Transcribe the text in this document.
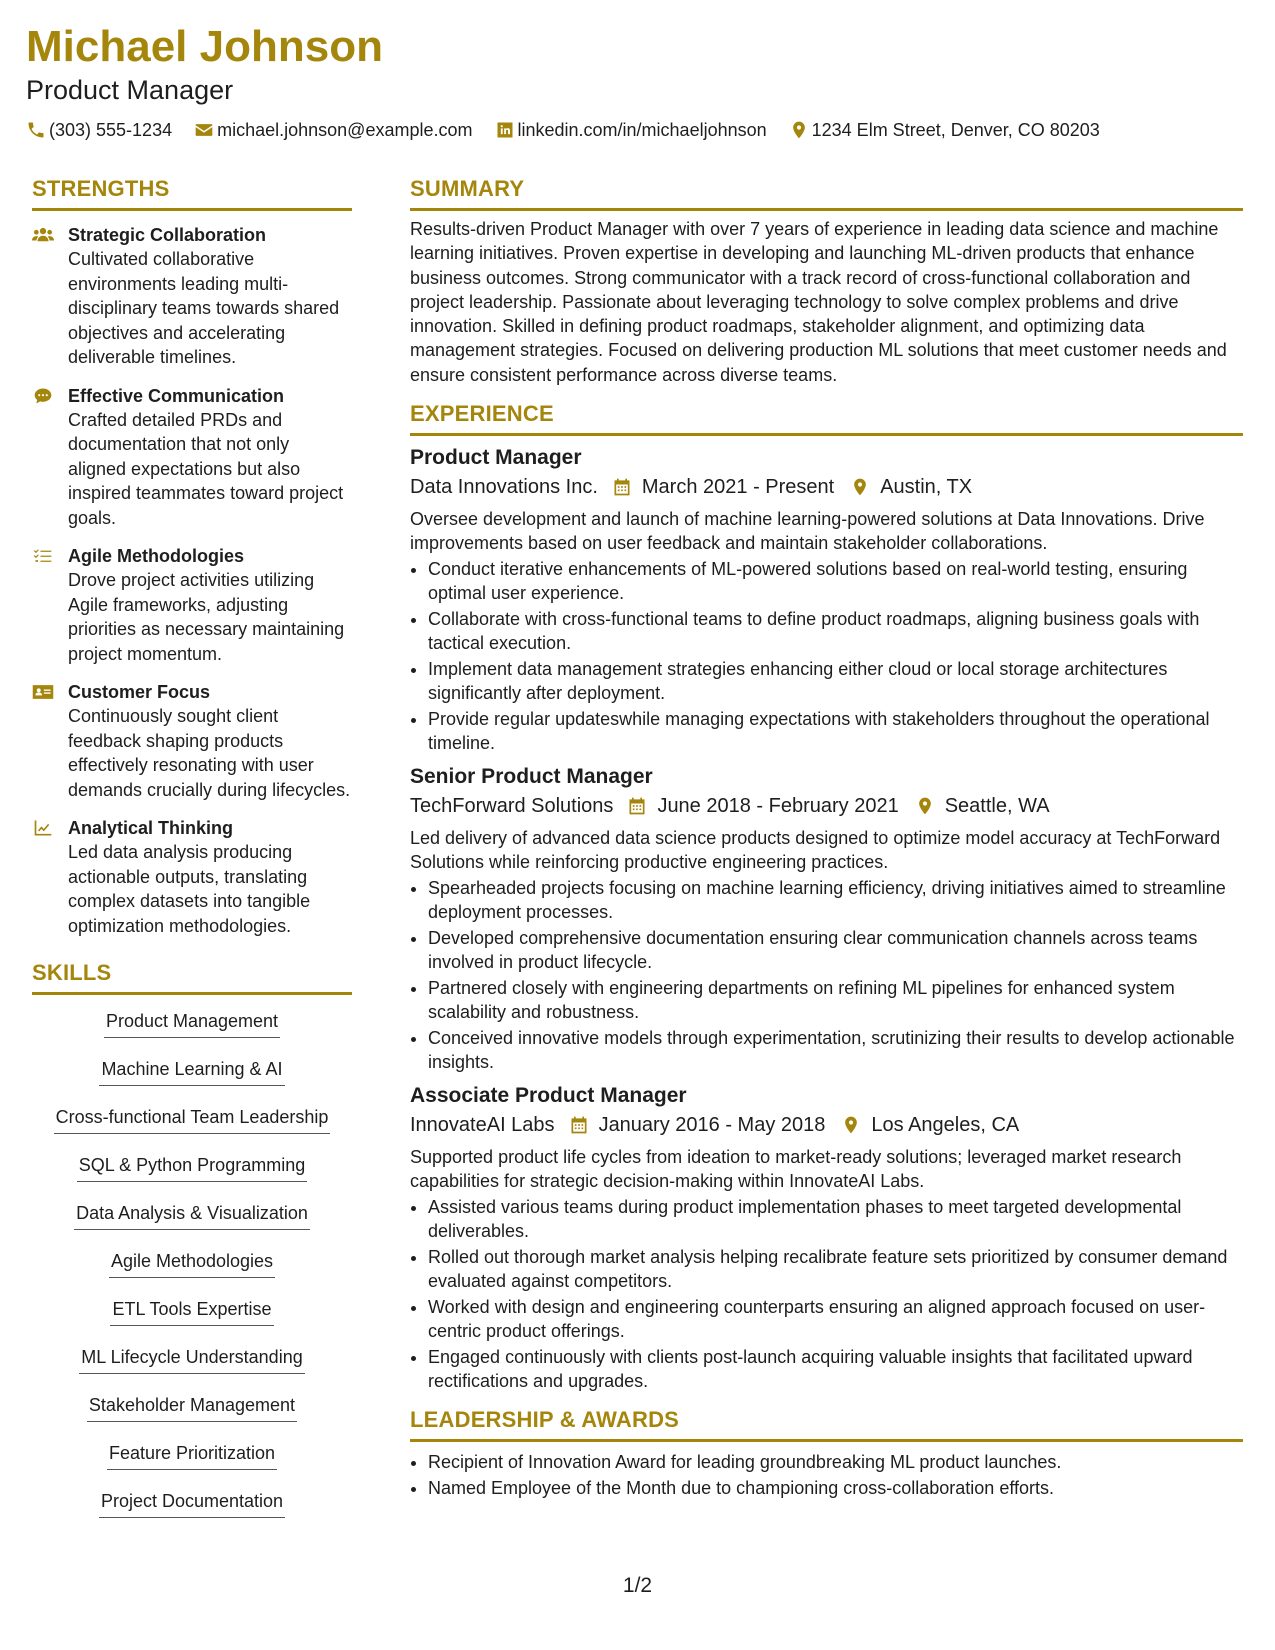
Michael Johnson
Product Manager
(303) 555-1234	michael.johnson@example.com	linkedin.com/in/michaeljohnson	1234 Elm Street, Denver, CO 80203
STRENGTHS
Strategic Collaboration
Cultivated collaborative environments leading multi-disciplinary teams towards shared objectives and accelerating deliverable timelines.
Effective Communication
Crafted detailed PRDs and documentation that not only aligned expectations but also inspired teammates toward project goals.
Agile Methodologies
Drove project activities utilizing Agile frameworks, adjusting priorities as necessary maintaining project momentum.
Customer Focus
Continuously sought client feedback shaping products effectively resonating with user demands crucially during lifecycles.
Analytical Thinking
Led data analysis producing actionable outputs, translating complex datasets into tangible optimization methodologies.
SKILLS
Product Management
Machine Learning & AI
Cross-functional Team Leadership
SQL & Python Programming
Data Analysis & Visualization
Agile Methodologies
ETL Tools Expertise
ML Lifecycle Understanding
Stakeholder Management
Feature Prioritization
Project Documentation
SUMMARY

Results-driven Product Manager with over 7 years of experience in leading data science and machine learning initiatives. Proven expertise in developing and launching ML-driven products that enhance business outcomes. Strong communicator with a track record of cross-functional collaboration and project leadership. Passionate about leveraging technology to solve complex problems and drive innovation. Skilled in defining product roadmaps, stakeholder alignment, and optimizing data management strategies. Focused on delivering production ML solutions that meet customer needs and ensure consistent performance across diverse teams.

EXPERIENCE
Product Manager
Data Innovations Inc. March 2021 - Present Austin, TX
Oversee development and launch of machine learning-powered solutions at Data Innovations. Drive improvements based on user feedback and maintain stakeholder collaborations.
• Conduct iterative enhancements of ML-powered solutions based on real-world testing, ensuring optimal user experience.
• Collaborate with cross-functional teams to define product roadmaps, aligning business goals with tactical execution.
• Implement data management strategies enhancing either cloud or local storage architectures significantly after deployment.
• Provide regular updateswhile managing expectations with stakeholders throughout the operational timeline.
Senior Product Manager
TechForward Solutions June 2018 - February 2021 Seattle, WA
Led delivery of advanced data science products designed to optimize model accuracy at TechForward Solutions while reinforcing productive engineering practices.
• Spearheaded projects focusing on machine learning efficiency, driving initiatives aimed to streamline deployment processes.
• Developed comprehensive documentation ensuring clear communication channels across teams involved in product lifecycle.
• Partnered closely with engineering departments on refining ML pipelines for enhanced system scalability and robustness.
• Conceived innovative models through experimentation, scrutinizing their results to develop actionable insights.
Associate Product Manager
InnovateAI Labs January 2016 - May 2018 Los Angeles, CA
Supported product life cycles from ideation to market-ready solutions; leveraged market research capabilities for strategic decision-making within InnovateAI Labs.
• Assisted various teams during product implementation phases to meet targeted developmental deliverables.
• Rolled out thorough market analysis helping recalibrate feature sets prioritized by consumer demand evaluated against competitors.
• Worked with design and engineering counterparts ensuring an aligned approach focused on user-centric product offerings.
• Engaged continuously with clients post-launch acquiring valuable insights that facilitated upward rectifications and upgrades.
LEADERSHIP & AWARDS
• Recipient of Innovation Award for leading groundbreaking ML product launches.
• Named Employee of the Month due to championing cross-collaboration efforts.
1/2
